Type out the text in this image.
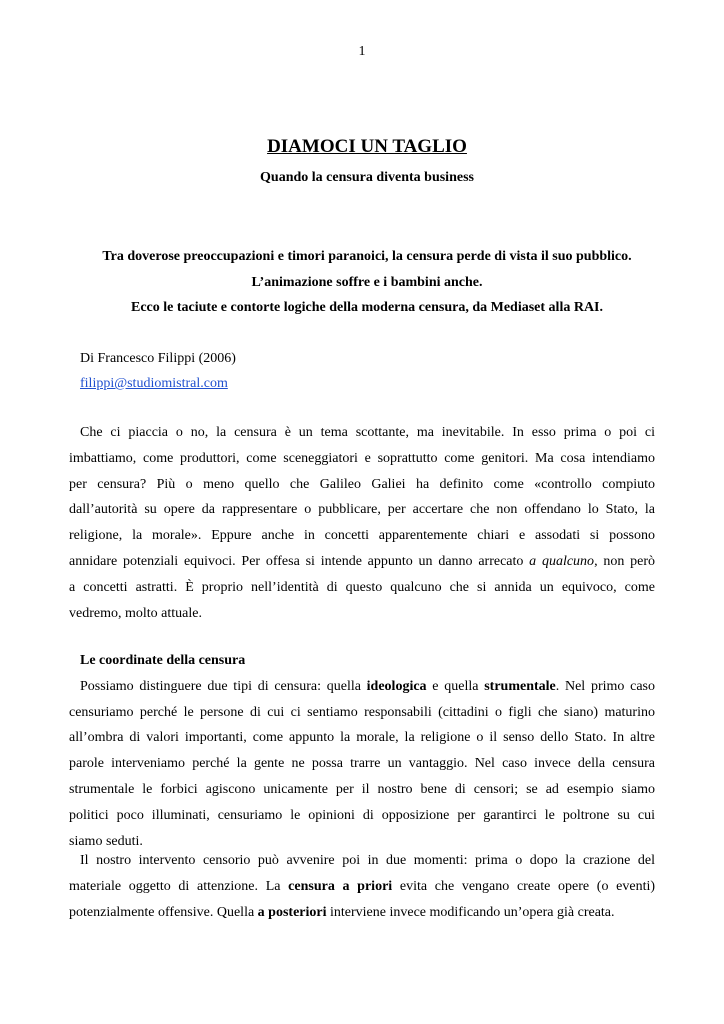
1
DIAMOCI UN TAGLIO
Quando la censura diventa business
Tra doverose preoccupazioni e timori paranoici, la censura perde di vista il suo pubblico.
L’animazione soffre e i bambini anche.
Ecco le taciute e contorte logiche della moderna censura, da Mediaset alla RAI.
Di Francesco Filippi (2006)
filippi@studiomistral.com
Che ci piaccia o no, la censura è un tema scottante, ma inevitabile. In esso prima o poi ci
imbattiamo, come produttori, come sceneggiatori e soprattutto come genitori. Ma cosa intendiamo
per censura? Più o meno quello che Galileo Galiei ha definito come «controllo compiuto
dall’autorità su opere da rappresentare o pubblicare, per accertare che non offendano lo Stato, la
religione, la morale». Eppure anche in concetti apparentemente chiari e assodati si possono
annidare potenziali equivoci. Per offesa si intende appunto un danno arrecato a qualcuno, non però
a concetti astratti. È proprio nell’identità di questo qualcuno che si annida un equivoco, come
vedremo, molto attuale.
Le coordinate della censura
Possiamo distinguere due tipi di censura: quella ideologica e quella strumentale. Nel primo caso
censuriamo perché le persone di cui ci sentiamo responsabili (cittadini o figli che siano) maturino
all’ombra di valori importanti, come appunto la morale, la religione o il senso dello Stato. In altre
parole interveniamo perché la gente ne possa trarre un vantaggio. Nel caso invece della censura
strumentale le forbici agiscono unicamente per il nostro bene di censori; se ad esempio siamo
politici poco illuminati, censuriamo le opinioni di opposizione per garantirci le poltrone su cui
siamo seduti.
Il nostro intervento censorio può avvenire poi in due momenti: prima o dopo la crazione del
materiale oggetto di attenzione. La censura a priori evita che vengano create opere (o eventi)
potenzialmente offensive. Quella a posteriori interviene invece modificando un’opera già creata.
